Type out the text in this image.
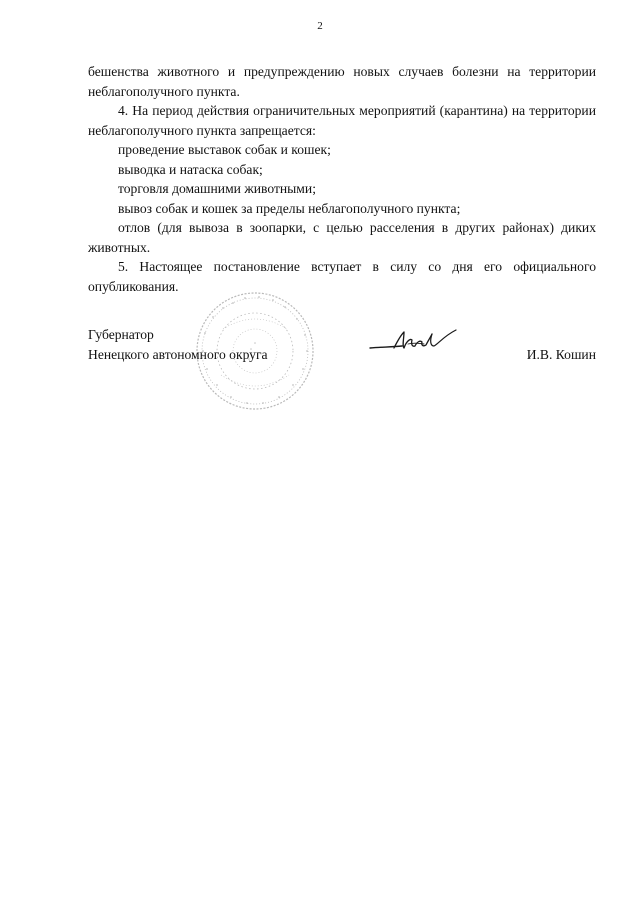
2

бешенства животного и предупреждению новых случаев болезни на территории неблагополучного пункта.

4. На период действия ограничительных мероприятий (карантина) на территории неблагополучного пункта запрещается:

проведение выставок собак и кошек;

выводка и натаска собак;

торговля домашними животными;

вывоз собак и кошек за пределы неблагополучного пункта;

отлов (для вывоза в зоопарки, с целью расселения в других районах) диких животных.

5. Настоящее постановление вступает в силу со дня его официального опубликования.

Губернатор
Ненецкого автономного округа	И.В. Кошин
